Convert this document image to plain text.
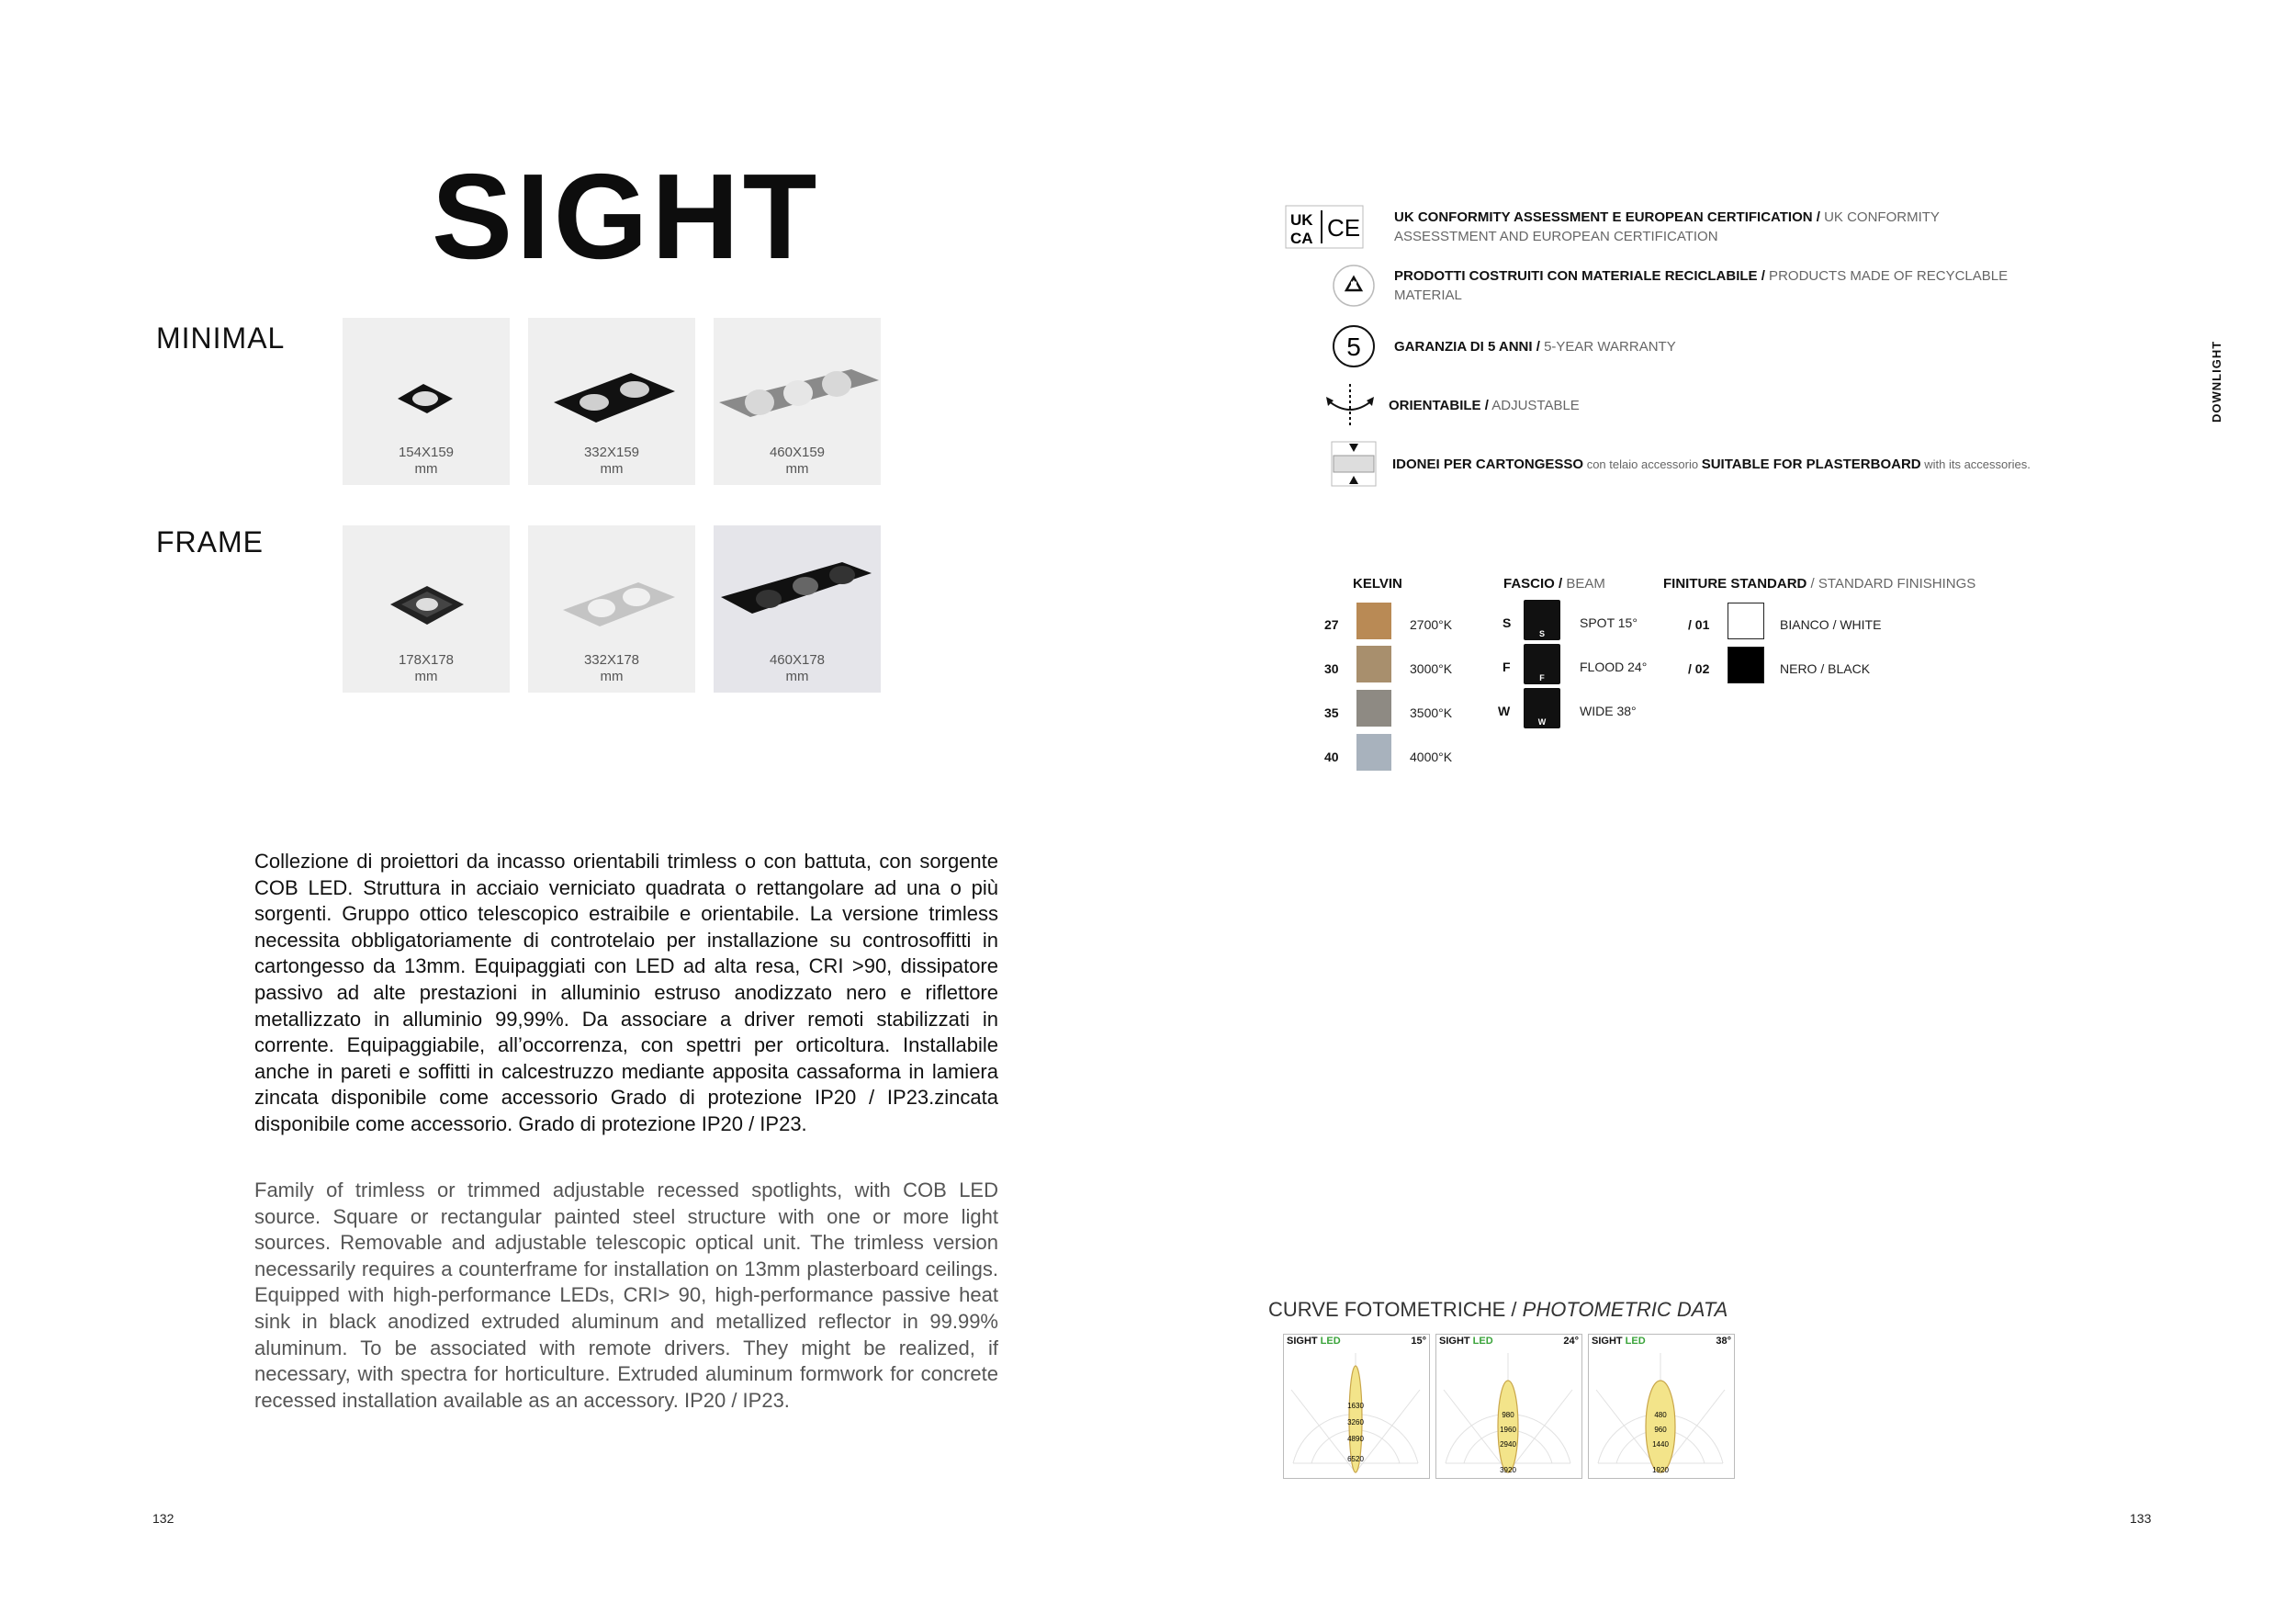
SIGHT
MINIMAL
FRAME
154X159
mm
332X159
mm
460X159
mm
178X178
mm
332X178
mm
460X178
mm
Collezione di proiettori da incasso orientabili trimless o con battuta, con sorgente COB LED. Struttura in acciaio verniciato quadrata o rettangolare ad una o più sorgenti. Gruppo ottico telescopico estraibile e orientabile. La versione trimless necessita obbligatoriamente di controtelaio per installazione su controsoffitti in cartongesso da 13mm. Equipaggiati con LED ad alta resa, CRI >90, dissipatore passivo ad alte prestazioni in alluminio estruso anodizzato nero e riflettore metallizzato in alluminio 99,99%. Da associare a driver remoti stabilizzati in corrente. Equipaggiabile, all’occorrenza, con spettri per orticoltura. Installabile anche in pareti e soffitti in calcestruzzo mediante apposita cassaforma in lamiera zincata disponibile come accessorio Grado di protezione IP20 / IP23.zincata disponibile come accessorio. Grado di protezione IP20 / IP23.
Family of trimless or trimmed adjustable recessed spotlights, with COB LED source. Square or rectangular painted steel structure with one or more light sources. Removable and adjustable telescopic optical unit. The trimless version necessarily requires a counterframe for installation on 13mm plasterboard ceilings. Equipped with high-performance LEDs, CRI> 90, high-performance passive heat sink in black anodized extruded aluminum and metallized reflector in 99.99% aluminum. To be associated with remote drivers. They might be realized, if necessary, with spectra for horticulture. Extruded aluminum formwork for concrete recessed installation available as an accessory. IP20 / IP23.
UK
CA CE UK CONFORMITY ASSESSMENT E EUROPEAN CERTIFICATION / UK CONFORMITY ASSESSTMENT AND EUROPEAN CERTIFICATION
PRODOTTI COSTRUITI CON MATERIALE RECICLABILE / PRODUCTS MADE OF RECYCLABLE MATERIAL
5 GARANZIA DI 5 ANNI / 5-YEAR WARRANTY
ORIENTABILE / ADJUSTABLE
IDONEI PER CARTONGESSO con telaio accessorio SUITABLE FOR PLASTERBOARD with its accessories.
DOWNLIGHT
KELVIN
27	2700°K
30	3000°K
35	3500°K
40	4000°K
FASCIO / BEAM
S
S
SPOT 15°
F
F
FLOOD 24°
W
W
WIDE 38°
FINITURE STANDARD / STANDARD FINISHINGS
/ 01	BIANCO / WHITE
/ 02	NERO / BLACK
CURVE FOTOMETRICHE / PHOTOMETRIC DATA
SIGHT LED	15°
1630
3260
4890
6520
SIGHT LED	24°
980
1960
2940
3920
SIGHT LED	38°
480
960
1440
1920
132	133
